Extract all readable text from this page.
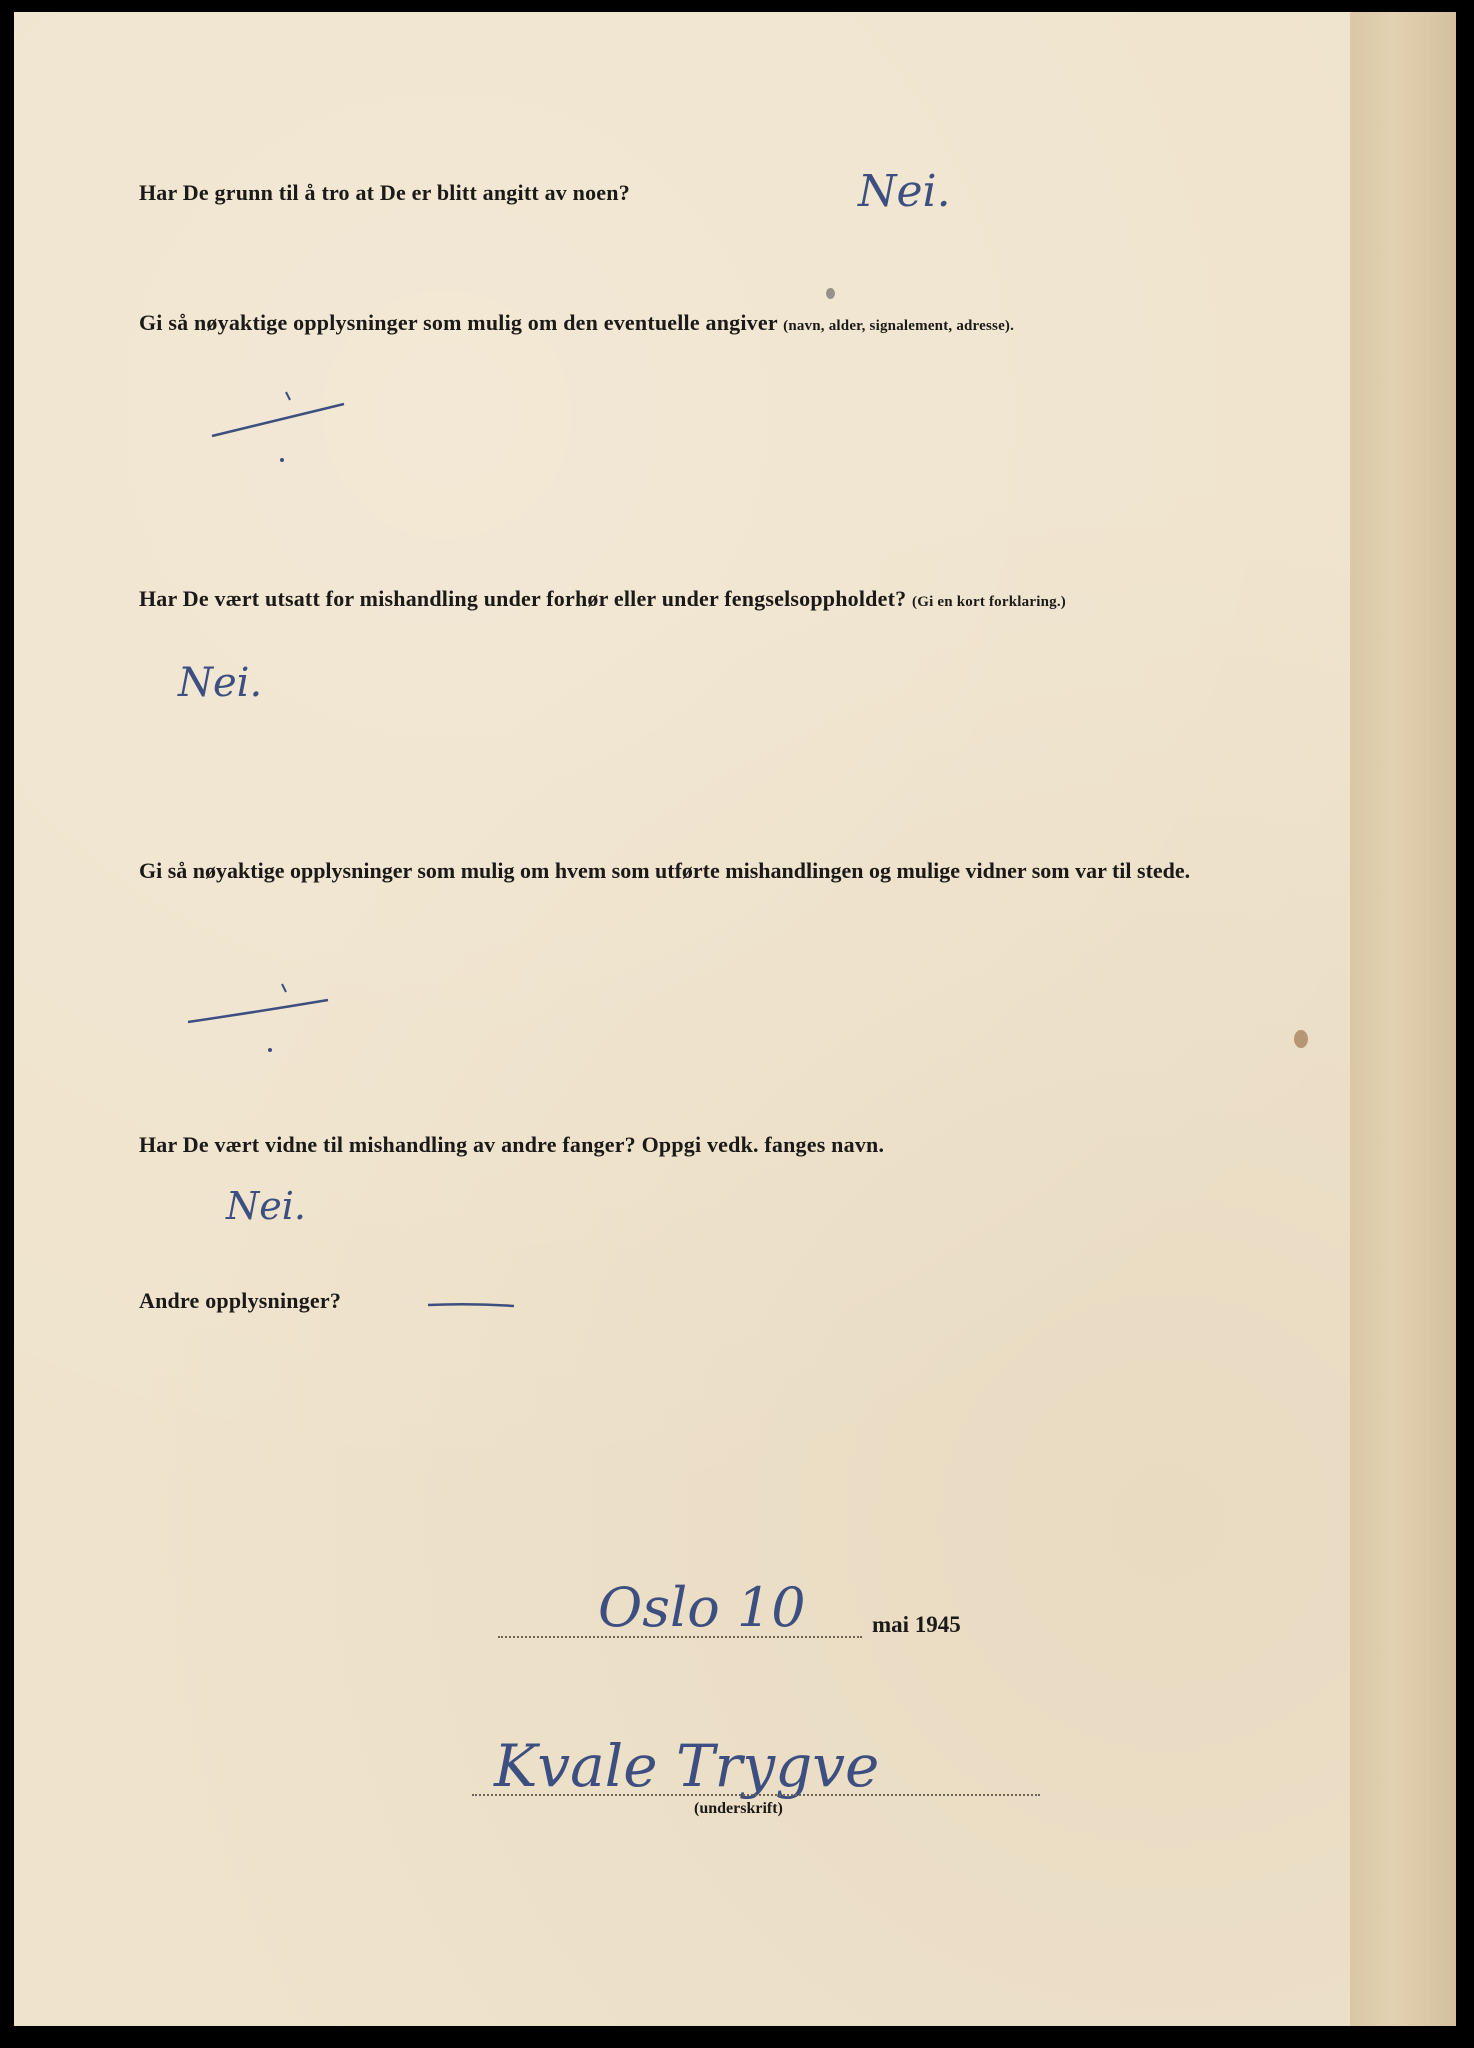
Har De grunn til å tro at De er blitt angitt av noen?	Nei.
Gi så nøyaktige opplysninger som mulig om den eventuelle angiver (navn, alder, signalement, adresse).
Har De vært utsatt for mishandling under forhør eller under fengselsoppholdet? (Gi en kort forklaring.)
Nei.
Gi så nøyaktige opplysninger som mulig om hvem som utførte mishandlingen og mulige vidner som var til stede.
Har De vært vidne til mishandling av andre fanger? Oppgi vedk. fanges navn.
Nei.
Andre opplysninger?
Oslo 10	mai 1945
Kvale Trygve
(underskrift)
